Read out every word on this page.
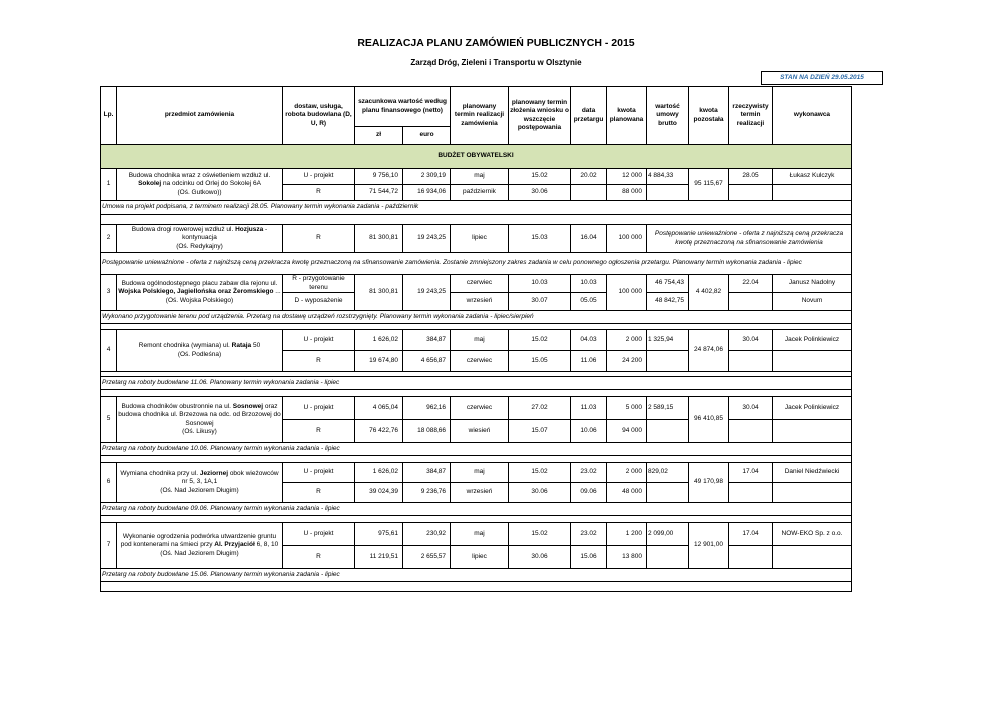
REALIZACJA PLANU ZAMÓWIEŃ PUBLICZNYCH - 2015
Zarząd Dróg, Zieleni i Transportu w Olsztynie
STAN NA DZIEŃ 29.05.2015
Lp.	przedmiot zamówienia	dostaw, usługa, robota budowlana (D, U, R)	szacunkowa wartość według planu finansowego (netto)		planowany termin realizacji zamówienia	planowany termin złożenia wniosku o wszczęcie postępowania	data przetargu	kwota planowana	wartość umowy brutto	kwota pozostała	rzeczywisty termin realizacji	wykonawca
			zł	euro								
BUDŻET OBYWATELSKI												
1	Budowa chodnika wraz z oświetleniem wzdłuż ul. Sokolej na odcinku od Orlej do Sokolej 6A
(Oś. Gutkowo))	U - projekt	9 756,10	2 309,19	maj	15.02	20.02	12 000	4 884,33	95 115,67	28.05	Łukasz Kulczyk
		R	71 544,72	16 934,06	październik	30.06		88 000				
Umowa na projekt podpisana, z terminem realizacji 28.05. Planowany termin wykonania zadania - październik												

2	Budowa drogi rowerowej wzdłuż ul. Hozjusza - kontynuacja
(Oś. Redykajny)	R	81 300,81	19 243,25	lipiec	15.03	16.04	100 000	Postępowanie unieważnione - oferta z najniższą ceną przekracza kwotę przeznaczoną na sfinansowanie zamówienia			
Postępowanie unieważnione - oferta z najniższą ceną przekracza kwotę przeznaczoną na sfinansowanie zamówienia. Zostanie zmniejszony zakres zadania w celu ponownego ogłoszenia przetargu. Planowany termin wykonania zadania - lipiec												
3	Budowa ogólnodostępnego placu zabaw dla rejonu ul. Wojska Polskiego, Jagiellońska oraz Żeromskiego ...
(Oś. Wojska Polskiego)	R - przygotowanie terenu	81 300,81	19 243,25	czerwiec	10.03	10.03	100 000	46 754,43	4 402,82	22.04	Janusz Nadolny
		D - wyposażenie			wrzesień	30.07	05.05		48 842,75			Novum
Wykonano przygotowanie terenu pod urządzenia. Przetarg na dostawę urządzeń rozstrzygnięty. Planowany termin wykonania zadania - lipiec/sierpień												

4	Remont chodnika (wymiana) ul. Rataja 50
(Oś. Podleśna)	U - projekt	1 626,02	384,87	maj	15.02	04.03	2 000	1 325,94	24 874,06	30.04	Jacek Polinkiewicz
		R	19 674,80	4 656,87	czerwiec	15.05	11.06	24 200				

Przetarg na roboty budowlane 11.06. Planowany termin wykonania zadania - lipiec												

5	Budowa chodników obustronnie na ul. Sosnowej oraz budowa chodnika ul. Brzezowa na odc. od Brzozowej do Sosnowej
(Oś. Likusy)	U - projekt	4 065,04	962,16	czerwiec	27.02	11.03	5 000	2 589,15	96 410,85	30.04	Jacek Polinkiewicz
		R	76 422,76	18 088,66	wiesień	15.07	10.06	94 000				
Przetarg na roboty budowlane 10.06. Planowany termin wykonania zadania - lipiec												

6	Wymiana chodnika przy ul. Jeziornej obok wieżowców nr 5, 3, 1A,1
(Oś. Nad Jeziorem Długim)	U - projekt	1 626,02	384,87	maj	15.02	23.02	2 000	829,02	49 170,98	17.04	Daniel Niedźwiecki
		R	39 024,39	9 236,76	wrzesień	30.06	09.06	48 000				
Przetarg na roboty budowlane 09.06. Planowany termin wykonania zadania - lipiec												

7	Wykonanie ogrodzenia podwórka utwardzenie gruntu pod kontenerami na śmieci przy Al. Przyjaciół 6, 8, 10
(Oś. Nad Jeziorem Długim)	U - projekt	975,61	230,92	maj	15.02	23.02	1 200	2 099,00	12 901,00	17.04	NOW-EKO Sp. z o.o.
		R	11 219,51	2 655,57	lipiec	30.06	15.06	13 800				
Przetarg na roboty budowlane 15.06. Planowany termin wykonania zadania - lipiec												
